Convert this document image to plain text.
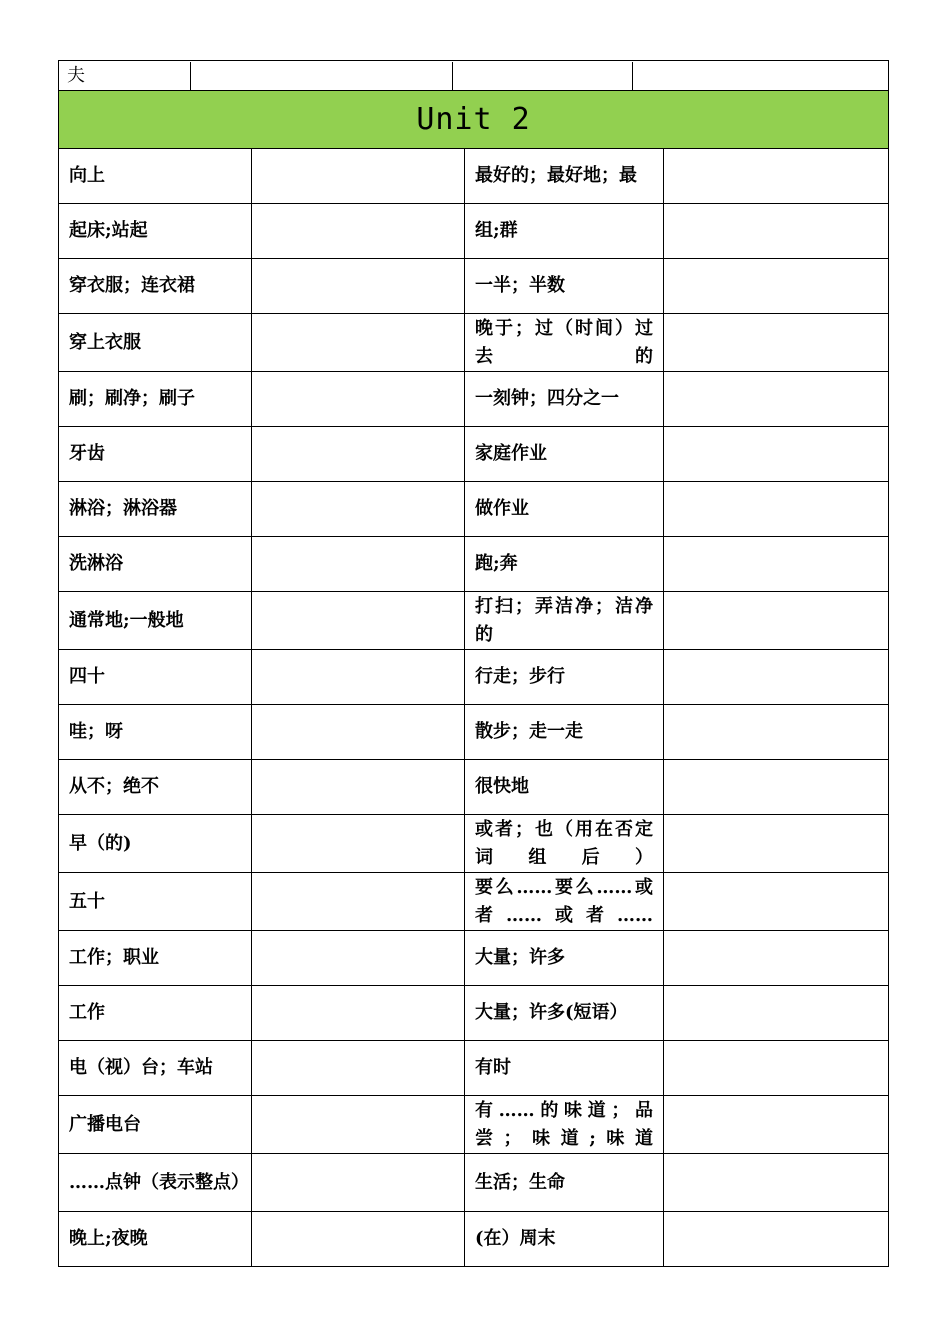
夫			

Unit 2
向上		最好的；最好地；最	
起床;站起		组;群	
穿衣服；连衣裙		一半；半数	
穿上衣服		晚于；过（时间）过去的	
刷；刷净；刷子		一刻钟；四分之一	
牙齿		家庭作业	
淋浴；淋浴器		做作业	
洗淋浴		跑;奔	
通常地;一般地		打扫；弄洁净；洁净的	
四十		行走；步行	
哇；呀		散步；走一走	
从不；绝不		很快地	
早（的)		或者；也（用在否定词组后）	
五十		要么……要么……或者……或者……	
工作；职业		大量；许多	
工作		大量；许多(短语）	
电（视）台；车站		有时	
广播电台		有……的味道；品尝；味道;味道	
……点钟（表示整点）		生活；生命	
晚上;夜晚		(在）周末	
